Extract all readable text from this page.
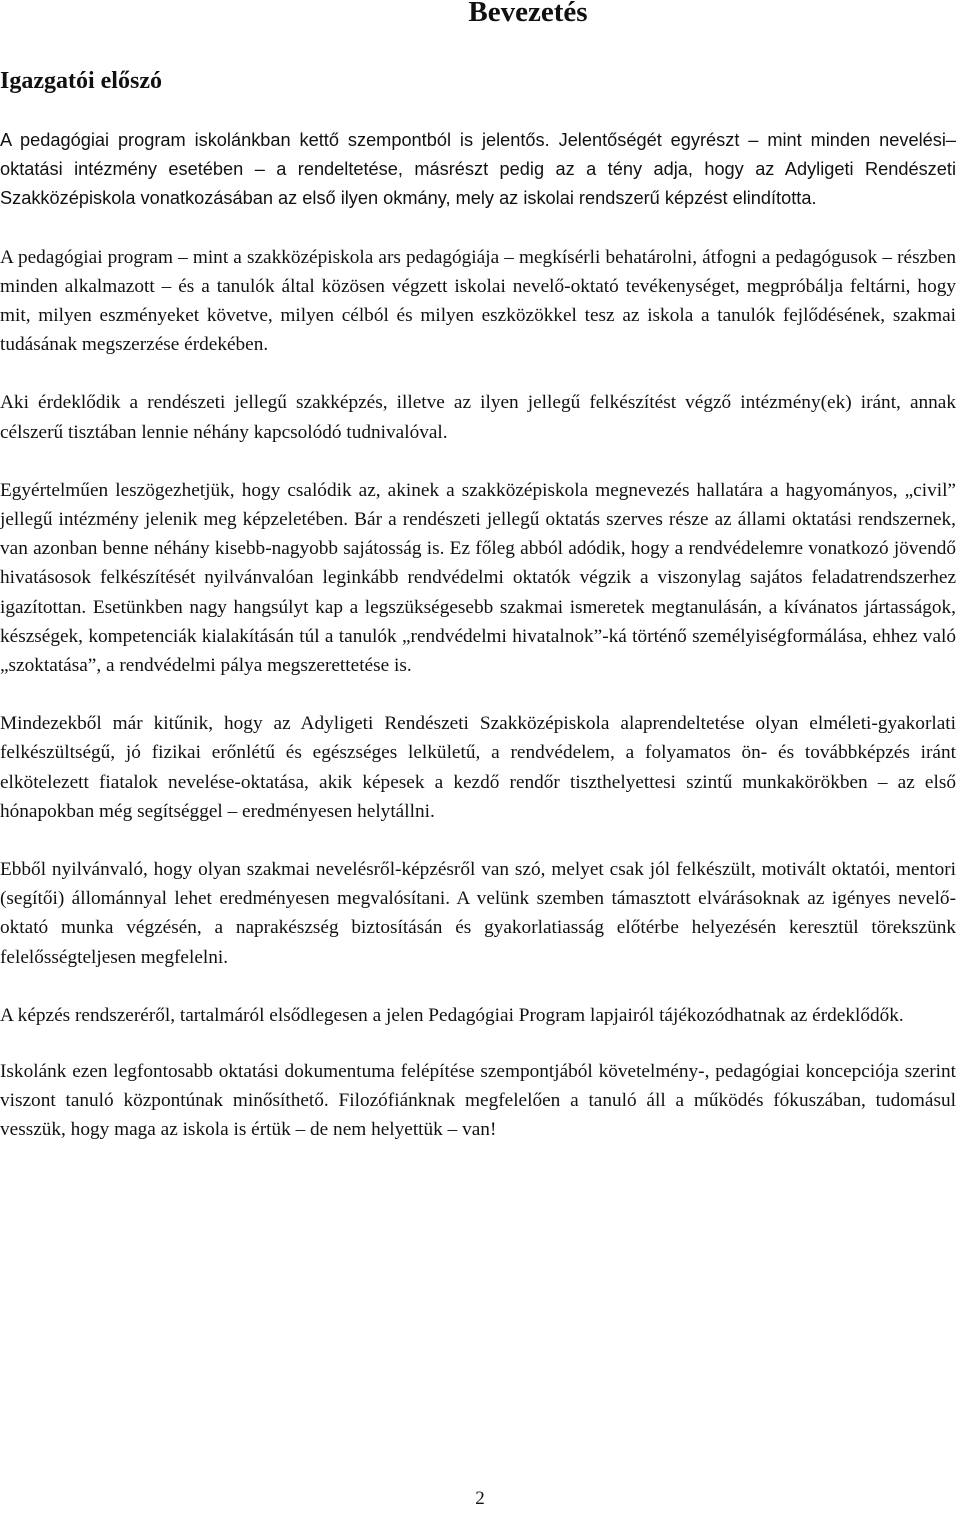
Bevezetés
Igazgatói előszó

A pedagógiai program iskolánkban kettő szempontból is jelentős. Jelentőségét egyrészt – mint minden nevelési– oktatási intézmény esetében – a rendeltetése, másrészt pedig az a tény adja, hogy az Adyligeti Rendészeti Szakközépiskola vonatkozásában az első ilyen okmány, mely az iskolai rendszerű képzést elindította.

A pedagógiai program – mint a szakközépiskola ars pedagógiája – megkísérli behatárolni, átfogni a pedagógusok – részben minden alkalmazott – és a tanulók által közösen végzett iskolai nevelő-oktató tevékenységet, megpróbálja feltárni, hogy mit, milyen eszményeket követve, milyen célból és milyen eszközökkel tesz az iskola a tanulók fejlődésének, szakmai tudásának megszerzése érdekében.

Aki érdeklődik a rendészeti jellegű szakképzés, illetve az ilyen jellegű felkészítést végző intézmény(ek) iránt, annak célszerű tisztában lennie néhány kapcsolódó tudnivalóval.

Egyértelműen leszögezhetjük, hogy csalódik az, akinek a szakközépiskola megnevezés hallatára a hagyományos, „civil” jellegű intézmény jelenik meg képzeletében. Bár a rendészeti jellegű oktatás szerves része az állami oktatási rendszernek, van azonban benne néhány kisebb-nagyobb sajátosság is. Ez főleg abból adódik, hogy a rendvédelemre vonatkozó jövendő hivatásosok felkészítését nyilvánvalóan leginkább rendvédelmi oktatók végzik a viszonylag sajátos feladatrendszerhez igazítottan. Esetünkben nagy hangsúlyt kap a legszükségesebb szakmai ismeretek megtanulásán, a kívánatos jártasságok, készségek, kompetenciák kialakításán túl a tanulók „rendvédelmi hivatalnok”-ká történő személyiségformálása, ehhez való „szoktatása”, a rendvédelmi pálya megszerettetése is.

Mindezekből már kitűnik, hogy az Adyligeti Rendészeti Szakközépiskola alaprendeltetése olyan elméleti-gyakorlati felkészültségű, jó fizikai erőnlétű és egészséges lelkületű, a rendvédelem, a folyamatos ön- és továbbképzés iránt elkötelezett fiatalok nevelése-oktatása, akik képesek a kezdő rendőr tiszthelyettesi szintű munkakörökben – az első hónapokban még segítséggel – eredményesen helytállni.

Ebből nyilvánvaló, hogy olyan szakmai nevelésről-képzésről van szó, melyet csak jól felkészült, motivált oktatói, mentori (segítői) állománnyal lehet eredményesen megvalósítani. A velünk szemben támasztott elvárásoknak az igényes nevelő-oktató munka végzésén, a naprakészség biztosításán és gyakorlatiasság előtérbe helyezésén keresztül törekszünk felelősségteljesen megfelelni.

A képzés rendszeréről, tartalmáról elsődlegesen a jelen Pedagógiai Program lapjairól tájékozódhatnak az érdeklődők.

Iskolánk ezen legfontosabb oktatási dokumentuma felépítése szempontjából követelmény-, pedagógiai koncepciója szerint viszont tanuló központúnak minősíthető. Filozófiánknak megfelelően a tanuló áll a működés fókuszában, tudomásul vesszük, hogy maga az iskola is értük – de nem helyettük – van!

2
